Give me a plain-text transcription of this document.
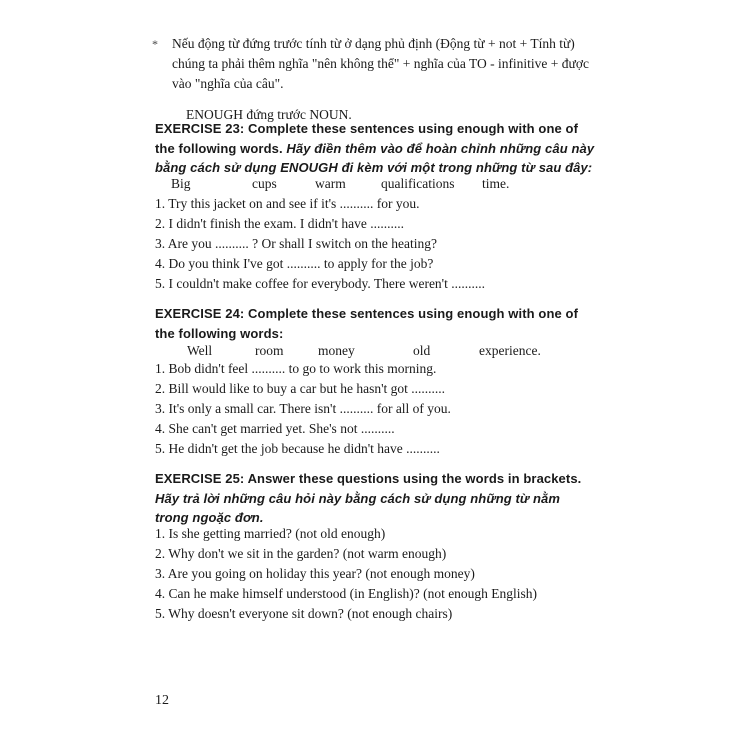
* Nếu động từ đứng trước tính từ ở dạng phủ định (Động từ + not + Tính từ) chúng ta phải thêm nghĩa "nên không thể" + nghĩa của TO - infinitive + được vào "nghĩa của câu".
ENOUGH đứng trước NOUN.
EXERCISE 23: Complete these sentences using enough with one of the following words. Hãy điền thêm vào để hoàn chỉnh những câu này bằng cách sử dụng ENOUGH đi kèm với một trong những từ sau đây:
Big	cups	warm	qualifications time.
1. Try this jacket on and see if it's .......... for you.
2. I didn't finish the exam. I didn't have ..........
3. Are you .......... ? Or shall I switch on the heating?
4. Do you think I've got .......... to apply for the job?
5. I couldn't make coffee for everybody. There weren't ..........
EXERCISE 24: Complete these sentences using enough with one of the following words:
Well	room	money	old	experience.
1. Bob didn't feel .......... to go to work this morning.
2. Bill would like to buy a car but he hasn't got ..........
3. It's only a small car. There isn't .......... for all of you.
4. She can't get married yet. She's not ..........
5. He didn't get the job because he didn't have ..........
EXERCISE 25: Answer these questions using the words in brackets. Hãy trả lời những câu hỏi này bằng cách sử dụng những từ nằm trong ngoặc đơn.
1. Is she getting married? (not old enough)
2. Why don't we sit in the garden? (not warm enough)
3. Are you going on holiday this year? (not enough money)
4. Can he make himself understood (in English)? (not enough English)
5. Why doesn't everyone sit down? (not enough chairs)
12
